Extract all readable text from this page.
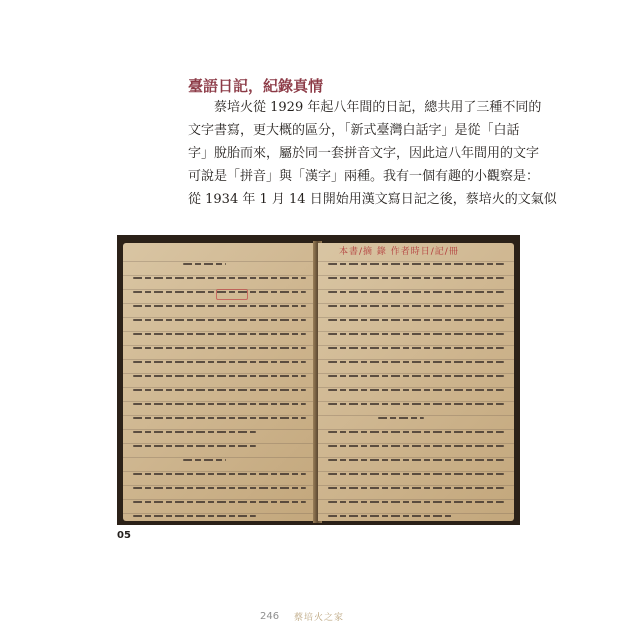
臺語日記，紀錄真情
蔡培火從 1929 年起八年間的日記，總共用了三種不同的
文字書寫，更大概的區分，「新式臺灣白話字」是從「白話
字」脫胎而來，屬於同一套拼音文字，因此這八年間用的文字
可說是「拼音」與「漢字」兩種。我有一個有趣的小觀察是：
從 1934 年 1 月 14 日開始用漢文寫日記之後，蔡培火的文氣似
本書/摘 錄 作者時日/記/冊
05
246 蔡培火之家
